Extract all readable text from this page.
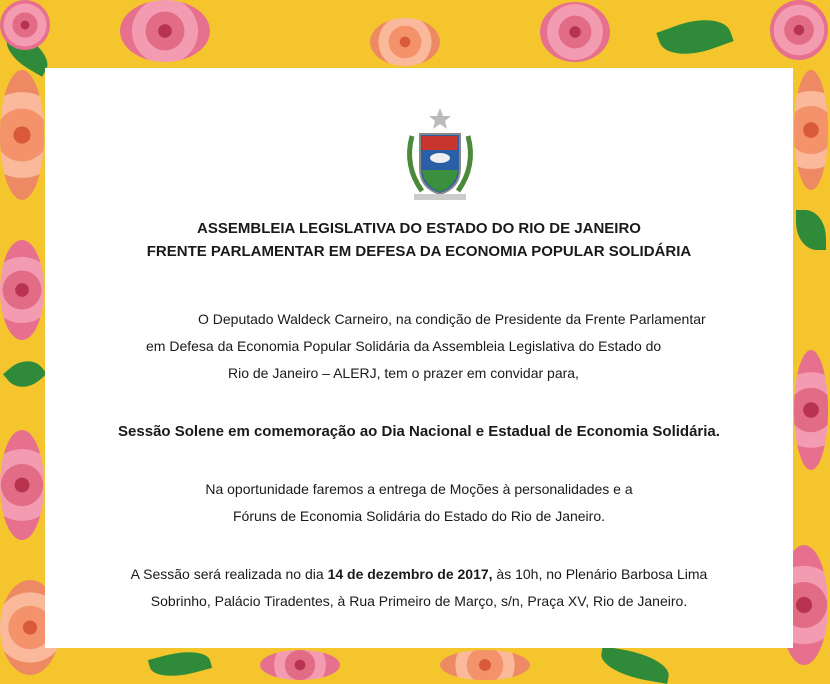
ASSEMBLEIA LEGISLATIVA DO ESTADO DO RIO DE JANEIRO
FRENTE PARLAMENTAR EM DEFESA DA ECONOMIA POPULAR SOLIDÁRIA
O Deputado Waldeck Carneiro, na condição de Presidente da Frente Parlamentar
em Defesa da Economia Popular Solidária da Assembleia Legislativa do Estado do
Rio de Janeiro – ALERJ, tem o prazer em convidar para,
Sessão Solene em comemoração ao Dia Nacional e Estadual de Economia Solidária.
Na oportunidade faremos a entrega de Moções à personalidades e a
Fóruns de Economia Solidária do Estado do Rio de Janeiro.
A Sessão será realizada no dia 14 de dezembro de 2017, às 10h, no Plenário Barbosa Lima
Sobrinho, Palácio Tiradentes, à Rua Primeiro de Março, s/n, Praça XV, Rio de Janeiro.
